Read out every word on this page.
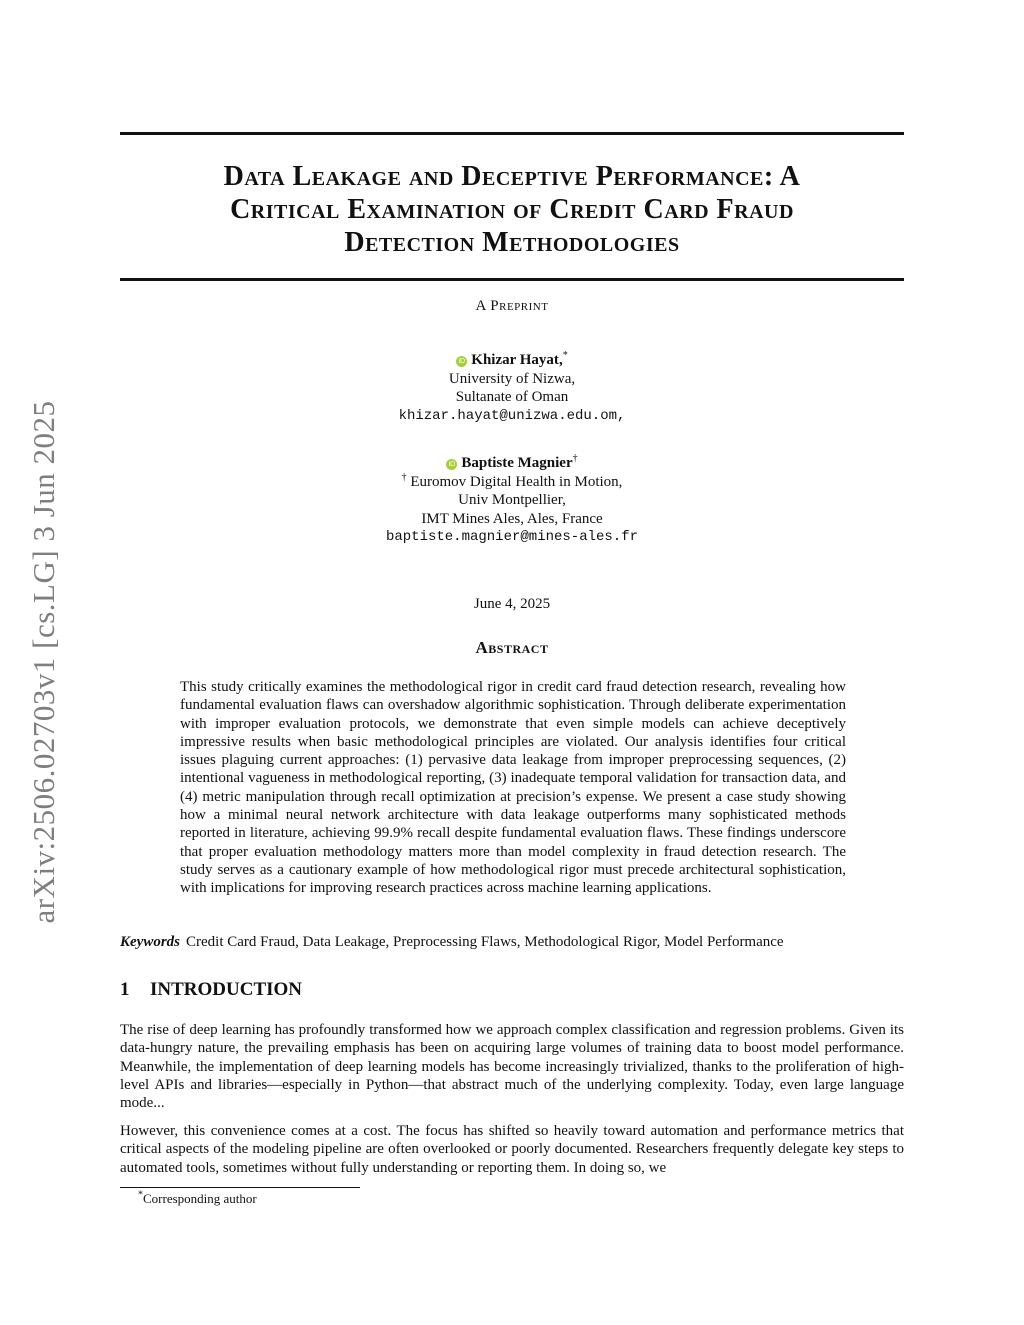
arXiv:2506.02703v1 [cs.LG] 3 Jun 2025
Data Leakage and Deceptive Performance: A
Critical Examination of Credit Card Fraud
Detection Methodologies
A Preprint
iD Khizar Hayat,*
University of Nizwa,
Sultanate of Oman
khizar.hayat@unizwa.edu.om,
iD Baptiste Magnier†
† Euromov Digital Health in Motion,
Univ Montpellier,
IMT Mines Ales, Ales, France
baptiste.magnier@mines-ales.fr
June 4, 2025
Abstract
This study critically examines the methodological rigor in credit card fraud detection research, revealing how fundamental evaluation flaws can overshadow algorithmic sophistication. Through deliberate experimentation with improper evaluation protocols, we demonstrate that even simple models can achieve deceptively impressive results when basic methodological principles are violated. Our analysis identifies four critical issues plaguing current approaches: (1) pervasive data leakage from improper preprocessing sequences, (2) intentional vagueness in methodological reporting, (3) inadequate temporal validation for transaction data, and (4) metric manipulation through recall optimization at precision’s expense. We present a case study showing how a minimal neural network architecture with data leakage outperforms many sophisticated methods reported in literature, achieving 99.9% recall despite fundamental evaluation flaws. These findings underscore that proper evaluation methodology matters more than model complexity in fraud detection research. The study serves as a cautionary example of how methodological rigor must precede architectural sophistication, with implications for improving research practices across machine learning applications.
Keywords Credit Card Fraud, Data Leakage, Preprocessing Flaws, Methodological Rigor, Model Performance
1 INTRODUCTION

The rise of deep learning has profoundly transformed how we approach complex classification and regression problems. Given its data-hungry nature, the prevailing emphasis has been on acquiring large volumes of training data to boost model performance. Meanwhile, the implementation of deep learning models has become increasingly trivialized, thanks to the proliferation of high-level APIs and libraries—especially in Python—that abstract much of the underlying complexity. Today, even large language mode...

However, this convenience comes at a cost. The focus has shifted so heavily toward automation and performance metrics that critical aspects of the modeling pipeline are often overlooked or poorly documented. Researchers frequently delegate key steps to automated tools, sometimes without fully understanding or reporting them. In doing so, we

*Corresponding author
